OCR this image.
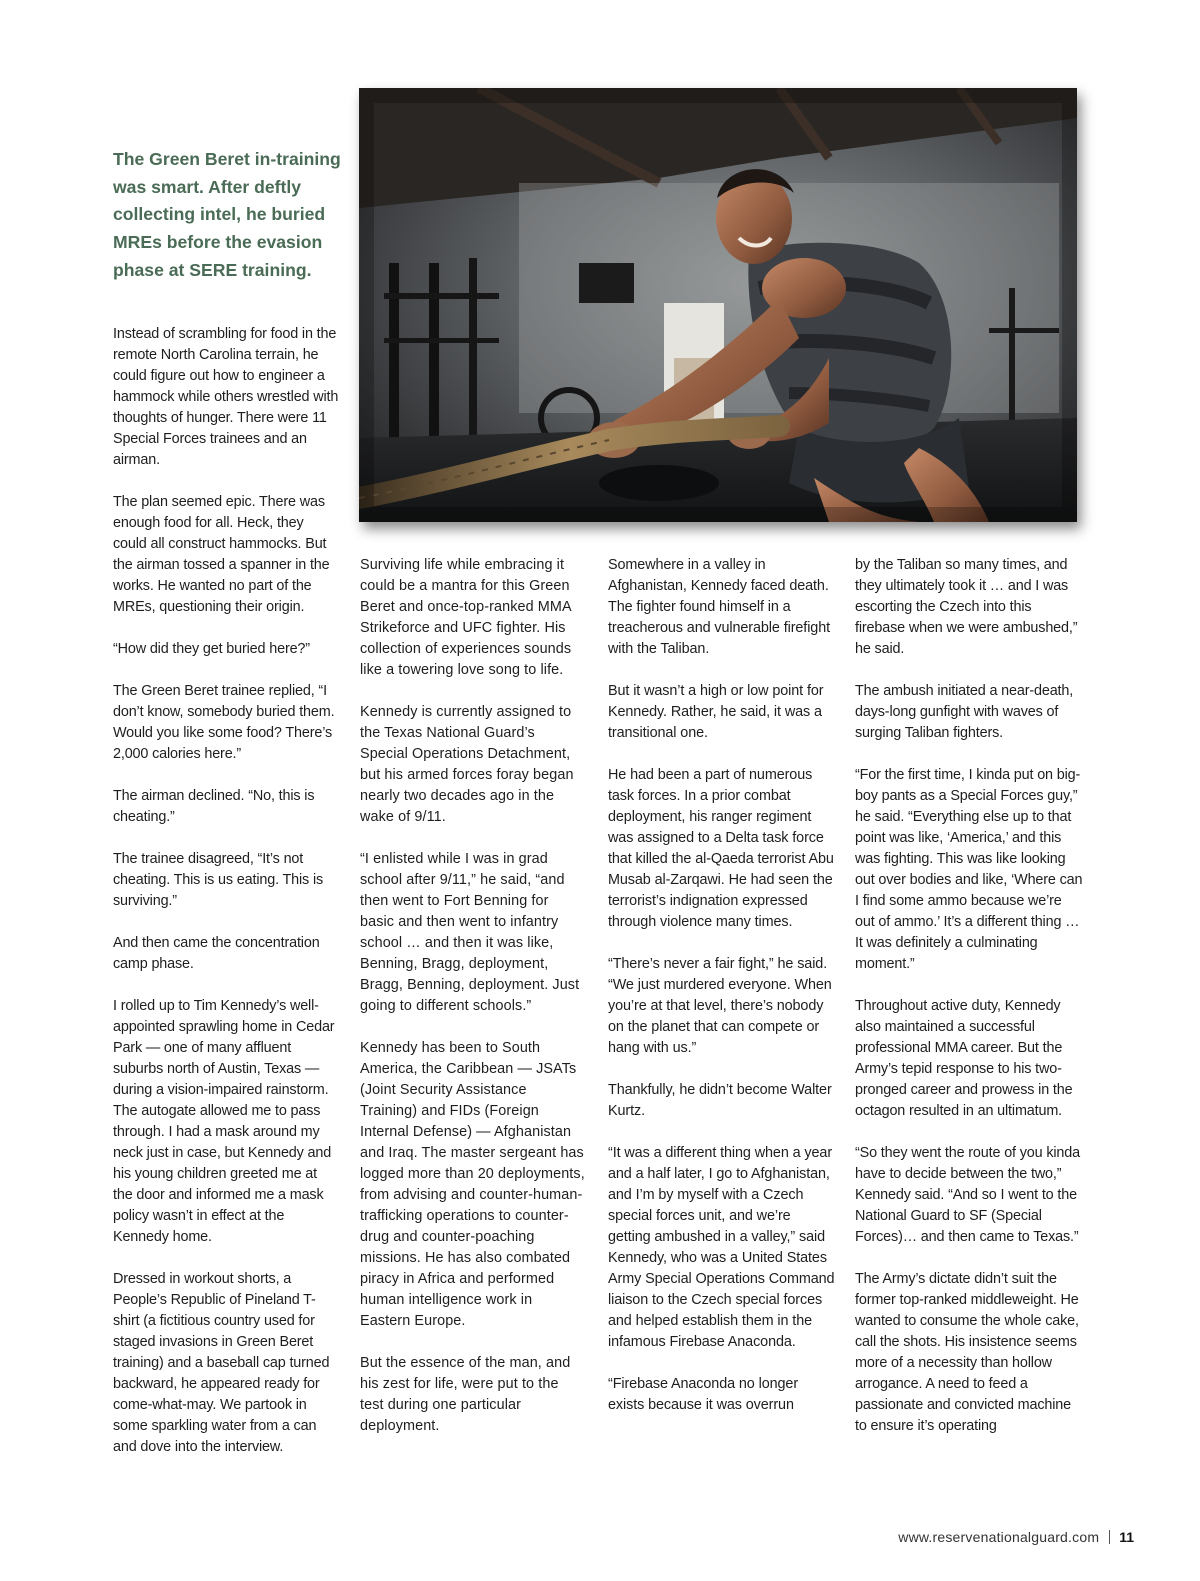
The Green Beret in-training was smart. After deftly collecting intel, he buried MREs before the evasion phase at SERE training.

Instead of scrambling for food in the remote North Carolina terrain, he could figure out how to engineer a hammock while others wrestled with thoughts of hunger. There were 11 Special Forces trainees and an airman.

The plan seemed epic. There was enough food for all. Heck, they could all construct hammocks. But the airman tossed a spanner in the works. He wanted no part of the MREs, questioning their origin.

“How did they get buried here?”

The Green Beret trainee replied, “I don’t know, somebody buried them. Would you like some food? There’s 2,000 calories here.”

The airman declined. “No, this is cheating.”

The trainee disagreed, “It’s not cheating. This is us eating. This is surviving.”

And then came the concentration camp phase.

I rolled up to Tim Kennedy’s well-appointed sprawling home in Cedar Park — one of many affluent suburbs north of Austin, Texas — during a vision-impaired rainstorm. The autogate allowed me to pass through. I had a mask around my neck just in case, but Kennedy and his young children greeted me at the door and informed me a mask policy wasn’t in effect at the Kennedy home.

Dressed in workout shorts, a People’s Republic of Pineland T-shirt (a fictitious country used for staged invasions in Green Beret training) and a baseball cap turned backward, he appeared ready for come-what-may. We partook in some sparkling water from a can and dove into the interview.

Surviving life while embracing it could be a mantra for this Green Beret and once-top-ranked MMA Strikeforce and UFC fighter. His collection of experiences sounds like a towering love song to life.

Kennedy is currently assigned to the Texas National Guard’s Special Operations Detachment, but his armed forces foray began nearly two decades ago in the wake of 9/11.

“I enlisted while I was in grad school after 9/11,” he said, “and then went to Fort Benning for basic and then went to infantry school … and then it was like, Benning, Bragg, deployment, Bragg, Benning, deployment. Just going to different schools.”

Kennedy has been to South America, the Caribbean — JSATs (Joint Security Assistance Training) and FIDs (Foreign Internal Defense) — Afghanistan and Iraq. The master sergeant has logged more than 20 deployments, from advising and counter-human-trafficking operations to counter-drug and counter-poaching missions. He has also combated piracy in Africa and performed human intelligence work in Eastern Europe.

But the essence of the man, and his zest for life, were put to the test during one particular deployment.

Somewhere in a valley in Afghanistan, Kennedy faced death. The fighter found himself in a treacherous and vulnerable firefight with the Taliban.

But it wasn’t a high or low point for Kennedy. Rather, he said, it was a transitional one.

He had been a part of numerous task forces. In a prior combat deployment, his ranger regiment was assigned to a Delta task force that killed the al-Qaeda terrorist Abu Musab al-Zarqawi. He had seen the terrorist’s indignation expressed through violence many times.

“There’s never a fair fight,” he said. “We just murdered everyone. When you’re at that level, there’s nobody on the planet that can compete or hang with us.”

Thankfully, he didn’t become Walter Kurtz.

“It was a different thing when a year and a half later, I go to Afghanistan, and I’m by myself with a Czech special forces unit, and we’re getting ambushed in a valley,” said Kennedy, who was a United States Army Special Operations Command liaison to the Czech special forces and helped establish them in the infamous Firebase Anaconda.

“Firebase Anaconda no longer exists because it was overrun

by the Taliban so many times, and they ultimately took it … and I was escorting the Czech into this firebase when we were ambushed,” he said.

The ambush initiated a near-death, days-long gunfight with waves of surging Taliban fighters.

“For the first time, I kinda put on big-boy pants as a Special Forces guy,” he said. “Everything else up to that point was like, ‘America,’ and this was fighting. This was like looking out over bodies and like, ‘Where can I find some ammo because we’re out of ammo.’ It’s a different thing … It was definitely a culminating moment.”

Throughout active duty, Kennedy also maintained a successful professional MMA career. But the Army’s tepid response to his two-pronged career and prowess in the octagon resulted in an ultimatum.

“So they went the route of you kinda have to decide between the two,” Kennedy said. “And so I went to the National Guard to SF (Special Forces)… and then came to Texas.”

The Army’s dictate didn’t suit the former top-ranked middleweight. He wanted to consume the whole cake, call the shots. His insistence seems more of a necessity than hollow arrogance. A need to feed a passionate and convicted machine to ensure it’s operating

www.reservenationalguard.com 11
